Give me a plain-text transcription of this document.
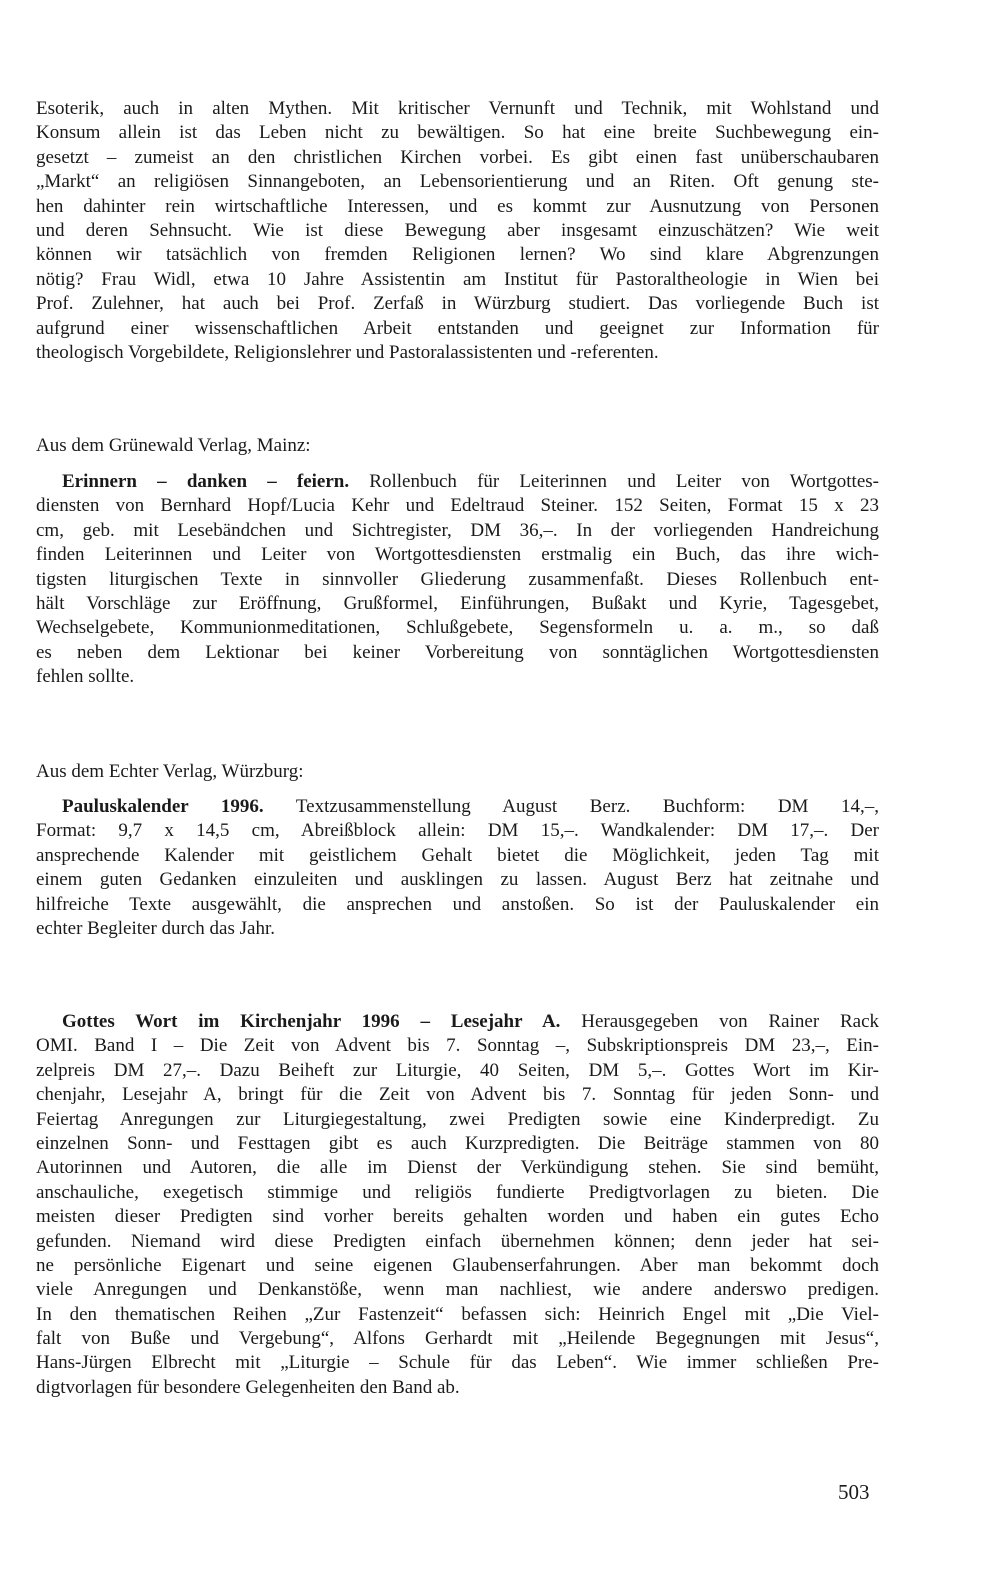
Esoterik, auch in alten Mythen. Mit kritischer Vernunft und Technik, mit Wohlstand und
Konsum allein ist das Leben nicht zu bewältigen. So hat eine breite Suchbewegung ein-
gesetzt – zumeist an den christlichen Kirchen vorbei. Es gibt einen fast unüberschaubaren
„Markt“ an religiösen Sinnangeboten, an Lebensorientierung und an Riten. Oft genung ste-
hen dahinter rein wirtschaftliche Interessen, und es kommt zur Ausnutzung von Personen
und deren Sehnsucht. Wie ist diese Bewegung aber insgesamt einzuschätzen? Wie weit
können wir tatsächlich von fremden Religionen lernen? Wo sind klare Abgrenzungen
nötig? Frau Widl, etwa 10 Jahre Assistentin am Institut für Pastoraltheologie in Wien bei
Prof. Zulehner, hat auch bei Prof. Zerfaß in Würzburg studiert. Das vorliegende Buch ist
aufgrund einer wissenschaftlichen Arbeit entstanden und geeignet zur Information für
theologisch Vorgebildete, Religionslehrer und Pastoralassistenten und -referenten.
Aus dem Grünewald Verlag, Mainz:
Erinnern – danken – feiern. Rollenbuch für Leiterinnen und Leiter von Wortgottes-
diensten von Bernhard Hopf/Lucia Kehr und Edeltraud Steiner. 152 Seiten, Format 15 x 23
cm, geb. mit Lesebändchen und Sichtregister, DM 36,–. In der vorliegenden Handreichung
finden Leiterinnen und Leiter von Wortgottesdiensten erstmalig ein Buch, das ihre wich-
tigsten liturgischen Texte in sinnvoller Gliederung zusammenfaßt. Dieses Rollenbuch ent-
hält Vorschläge zur Eröffnung, Grußformel, Einführungen, Bußakt und Kyrie, Tagesgebet,
Wechselgebete, Kommunionmeditationen, Schlußgebete, Segensformeln u. a. m., so daß
es neben dem Lektionar bei keiner Vorbereitung von sonntäglichen Wortgottesdiensten
fehlen sollte.
Aus dem Echter Verlag, Würzburg:
Pauluskalender 1996. Textzusammenstellung August Berz. Buchform: DM 14,–,
Format: 9,7 x 14,5 cm, Abreißblock allein: DM 15,–. Wandkalender: DM 17,–. Der
ansprechende Kalender mit geistlichem Gehalt bietet die Möglichkeit, jeden Tag mit
einem guten Gedanken einzuleiten und ausklingen zu lassen. August Berz hat zeitnahe und
hilfreiche Texte ausgewählt, die ansprechen und anstoßen. So ist der Pauluskalender ein
echter Begleiter durch das Jahr.
Gottes Wort im Kirchenjahr 1996 – Lesejahr A. Herausgegeben von Rainer Rack
OMI. Band I – Die Zeit von Advent bis 7. Sonntag –, Subskriptionspreis DM 23,–, Ein-
zelpreis DM 27,–. Dazu Beiheft zur Liturgie, 40 Seiten, DM 5,–. Gottes Wort im Kir-
chenjahr, Lesejahr A, bringt für die Zeit von Advent bis 7. Sonntag für jeden Sonn- und
Feiertag Anregungen zur Liturgiegestaltung, zwei Predigten sowie eine Kinderpredigt. Zu
einzelnen Sonn- und Festtagen gibt es auch Kurzpredigten. Die Beiträge stammen von 80
Autorinnen und Autoren, die alle im Dienst der Verkündigung stehen. Sie sind bemüht,
anschauliche, exegetisch stimmige und religiös fundierte Predigtvorlagen zu bieten. Die
meisten dieser Predigten sind vorher bereits gehalten worden und haben ein gutes Echo
gefunden. Niemand wird diese Predigten einfach übernehmen können; denn jeder hat sei-
ne persönliche Eigenart und seine eigenen Glaubenserfahrungen. Aber man bekommt doch
viele Anregungen und Denkanstöße, wenn man nachliest, wie andere anderswo predigen.
In den thematischen Reihen „Zur Fastenzeit“ befassen sich: Heinrich Engel mit „Die Viel-
falt von Buße und Vergebung“, Alfons Gerhardt mit „Heilende Begegnungen mit Jesus“,
Hans-Jürgen Elbrecht mit „Liturgie – Schule für das Leben“. Wie immer schließen Pre-
digtvorlagen für besondere Gelegenheiten den Band ab.
503
